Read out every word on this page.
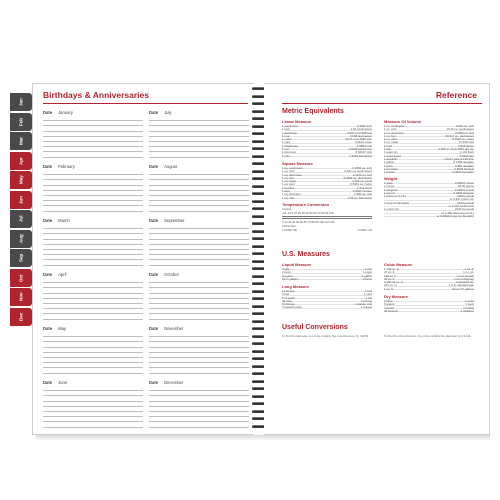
Jan
Feb
Mar
Apr
May
Jun
Jul
Aug
Sep
Oct
Nov
Dec
Birthdays & Anniversaries
Date January	Date July
Date February	Date August
Date March	Date September
Date April	Date October
Date May	Date November
Date June	Date December
Reference
Metric Equivalents
Linear Measure
1 centimeter	0.3937 inch
1 inch	2.54 centimeters
1 decimeter	3.937 in./0.328 feet
1 foot	3.048 decimeters
1 meter	39.37 in./1.0936 yds.
1 yard	0.9144 meter
1 dekameter	1.9884 rods
1 rod	0.5029 dekameter
1 kilometer	0.62137 mile
1 mile	1.6094 kilometers
Square Measure
1 sq. centimeter	0.1550 sq. inch
1 sq. inch	6.452 sq. centimeters
1 sq. decimeter	0.1076 sq. foot
1 sq. foot	9.2903 sq. decimeters
1 sq. meter	1.196 sq. yards
1 sq. yard	0.8361 sq. meter
1 hectare	2.471 acres
1 acre	0.4047 hectare
1 sq. kilometer	0.386 sq. mile
1 sq. mile	2.59 sq. kilometers
Temperature Conversion
Celsius
-18 -10 0 10 20 30 40 50 60 70 80 90 100
0 10 20 30 40 50 60 70 80 90 100 110 120
Fahrenheit
C=5/9(F-32)	F=9/5C+32
Measure Of Volume
1 cu. centimeter	0.061 cu. inch
1 cu. inch	16.39 cu. centimeters
1 cu. decimeter	0.0353 cu. foot
1 cu. foot	28.317 cu. decimeters
1 cu. yard	0.7646 cu. meter
1 cu. meter	0.7168 cord
1 cord	3.625 steres
1 liter	0.908 qt. dry/1.0567 qts. liq.
1 quart dry	1.101 liters
1 quart liquid	0.9463 liter
1 dekaliter	2.6417 gals./1.135 pks.
1 gallon	0.3785 dekaliter
1 peck	0.881 dekaliter
1 hectoliter	2.8378 bushels
1 bushel	0.3524 hectoliter
Weight
1 gram	0.03527 ounce
1 ounce	28.35 grams
1 kilogram	2.2046 pounds
1 pound	0.4536 kilogram
1 short ton (U.S.)	2000 pounds
or 0.907 metric ton
1 long ton (English)	2240 pounds
or 1.016 metric tons
1 metric ton	2204.6 pounds
or 1.102 short tons (U.S.)
or 0.98421 long ton (English)
U.S. Measures
Liquid Measure
4 gills	1 pint
2 pints	1 quart
4 quarts	1 gallon
31-½ gallons	1 barrel
Long Measure
12 inches	1 foot
3 feet	1 yard
5-½ yards	1 rod
40 rods	1 furlong
8 furlongs	1 statute mile
3 nautical miles	1 league
Cubic Measure
1,728 cu. in.	1 cu. ft.
27 cu. ft.	1 cu. yd.
128 cu. ft.	1 cord (wood)
40 cu. ft.	1 ton (shipping)
2,150.42 cu. in.	1 standard bu.
231 cu. in.	1 U.S. standard gal.
1 cu. ft.	about 7½ gallons
Dry Measure
2 pints	1 quart
8 quarts	1 peck
4 pecks	1 bushel
36 bushels	1 chaldron
Useful Conversions
To find the diameter of a circle multiply the circumference by .31831.	To find the circumference of a circle multiply the diameter by 3.1416.
